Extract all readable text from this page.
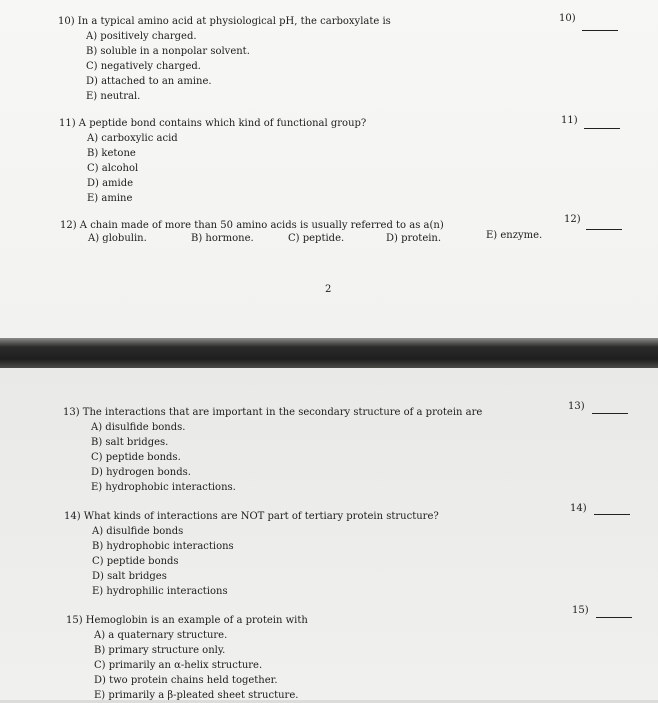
10) In a typical amino acid at physiological pH, the carboxylate is
A) positively charged.
B) soluble in a nonpolar solvent.
C) negatively charged.
D) attached to an amine.
E) neutral.
10)
11) A peptide bond contains which kind of functional group?
A) carboxylic acid
B) ketone
C) alcohol
D) amide
E) amine
11)
12) A chain made of more than 50 amino acids is usually referred to as a(n)
A) globulin.	B) hormone.	C) peptide.	D) protein.	E) enzyme.
12)
2
13) The interactions that are important in the secondary structure of a protein are
A) disulfide bonds.
B) salt bridges.
C) peptide bonds.
D) hydrogen bonds.
E) hydrophobic interactions.
13)
14) What kinds of interactions are NOT part of tertiary protein structure?
A) disulfide bonds
B) hydrophobic interactions
C) peptide bonds
D) salt bridges
E) hydrophilic interactions
14)
15) Hemoglobin is an example of a protein with
A) a quaternary structure.
B) primary structure only.
C) primarily an α-helix structure.
D) two protein chains held together.
E) primarily a β-pleated sheet structure.
15)
